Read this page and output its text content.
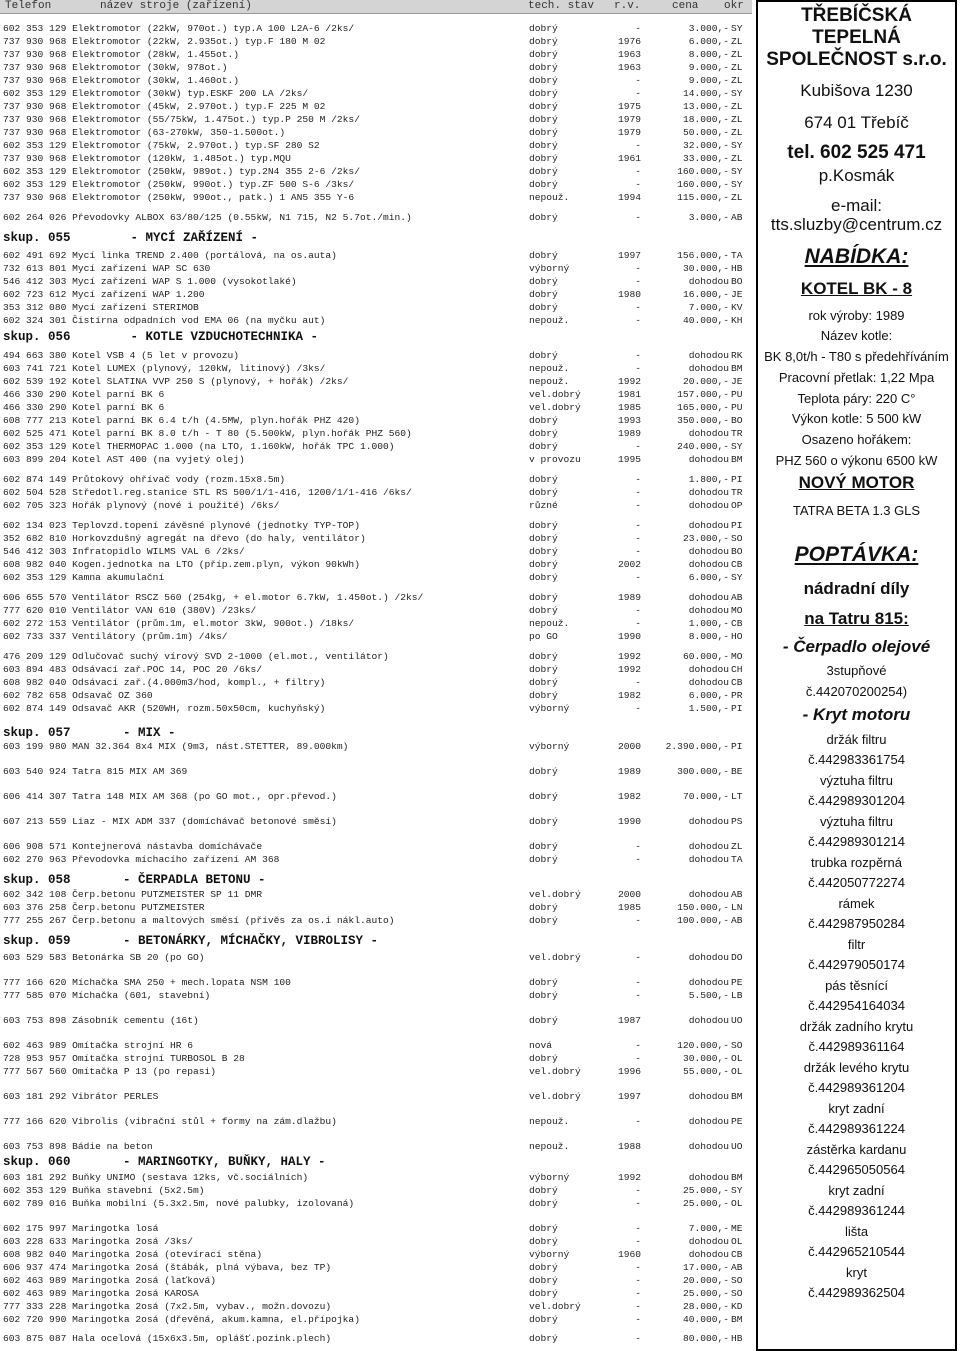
Telefon	název stroje (zařízení)	tech. stav r.v.	cena okr
602 353 129 Elektromotor (22kW, 970ot.) typ.A 100 L2A-6 /2ks/	dobrý	-	3.000,- SY
737 930 968 Elektromotor (22kW, 2.935ot.) typ.F 180 M 02	dobrý	1976	6.000,- ZL
737 930 968 Elektromotor (28kW, 1.455ot.)	dobrý	1963	8.000,- ZL
737 930 968 Elektromotor (30kW, 978ot.)	dobrý	1963	9.000,- ZL
737 930 968 Elektromotor (30kW, 1.460ot.)	dobrý	-	9.000,- ZL
602 353 129 Elektromotor (30kW) typ.ESKF 200 LA /2ks/	dobrý	-	14.000,- SY
737 930 968 Elektromotor (45kW, 2.970ot.) typ.F 225 M 02	dobrý	1975	13.000,- ZL
737 930 968 Elektromotor (55/75kW, 1.475ot.) typ.P 250 M /2ks/	dobrý	1979	18.000,- ZL
737 930 968 Elektromotor (63-270kW, 350-1.500ot.)	dobrý	1979	50.000,- ZL
602 353 129 Elektromotor (75kW, 2.970ot.) typ.SF 280 S2	dobrý	-	32.000,- SY
737 930 968 Elektromotor (120kW, 1.485ot.) typ.MQU	dobrý	1961	33.000,- ZL
602 353 129 Elektromotor (250kW, 989ot.) typ.2N4 355 2-6 /2ks/	dobrý	-	160.000,- SY
602 353 129 Elektromotor (250kW, 990ot.) typ.ZF 500 S-6 /3ks/	dobrý	-	160.000,- SY
737 930 968 Elektromotor (250kW, 990ot., patk.) 1 AN5 355 Y-6	nepouž.	1994	115.000,- ZL
602 264 026 Převodovky ALBOX 63/80/125 (0.55kW, N1 715, N2 5.7ot./min.)	dobrý	-	3.000,- AB
602 491 692 Mycí linka TREND 2.400 (portálová, na os.auta)	dobrý	1997	156.000,- TA
732 613 801 Mycí zařízení WAP SC 630	výborný	-	30.000,- HB
546 412 303 Mycí zařízení WAP S 1.000 (vysokotlaké)	dobrý	-	dohodou BO
602 723 612 Mycí zařízení WAP 1.200	dobrý	1980	16.000,- JE
353 312 080 Mycí zařízení STERIMOB	dobrý	-	7.000,- KV
602 324 301 Čistírna odpadních vod EMA 06 (na myčku aut)	nepouž.	-	40.000,- KH
494 663 380 Kotel VSB 4 (5 let v provozu)	dobrý	-	dohodou RK
603 741 721 Kotel LUMEX (plynový, 120kW, litinový) /3ks/	nepouž.	-	dohodou BM
602 539 192 Kotel SLATINA VVP 250 S (plynový, + hořák) /2ks/	nepouž.	1992	20.000,- JE
466 330 290 Kotel parní BK 6	vel.dobrý	1981	157.000,- PU
466 330 290 Kotel parní BK 6	vel.dobrý	1985	165.000,- PU
608 777 213 Kotel parní BK 6.4 t/h (4.5MW, plyn.hořák PHZ 420)	dobrý	1993	350.000,- BO
602 525 471 Kotel parní BK 8.0 t/h - T 80 (5.500kW, plyn.hořák PHZ 560)	dobrý	1989	dohodou TR
602 353 129 Kotel THERMOPAC 1.000 (na LTO, 1.160kW, hořák TPC 1.000)	dobrý	-	240.000,- SY
603 899 204 Kotel AST 400 (na vyjetý olej)	v provozu	1995	dohodou BM
602 874 149 Průtokový ohřívač vody (rozm.15x8.5m)	dobrý	-	1.800,- PI
602 504 528 Středotl.reg.stanice STL RS 500/1/1-416, 1200/1/1-416 /6ks/	dobrý	-	dohodou TR
602 705 323 Hořák plynový (nové i použité) /6ks/	různé	-	dohodou OP
602 134 023 Teplovzd.topení závěsné plynové (jednotky TYP-TOP)	dobrý	-	dohodou PI
352 682 810 Horkovzdušný agregát na dřevo (do haly, ventilátor)	dobrý	-	23.000,- SO
546 412 303 Infratopidlo WILMS VAL 6 /2ks/	dobrý	-	dohodou BO
608 982 040 Kogen.jednotka na LTO (příp.zem.plyn, výkon 90kWh)	dobrý	2002	dohodou CB
602 353 129 Kamna akumulační	dobrý	-	6.000,- SY
606 655 570 Ventilátor RSCZ 560 (254kg, + el.motor 6.7kW, 1.450ot.) /2ks/	dobrý	1989	dohodou AB
777 620 010 Ventilátor VAN 610 (380V) /23ks/	dobrý	-	dohodou MO
602 272 153 Ventilátor (prům.1m, el.motor 3kW, 900ot.) /18ks/	nepouž.	-	1.000,- CB
602 733 337 Ventilátory (prům.1m) /4ks/	po GO	1990	8.000,- HO
476 209 129 Odlučovač suchý vírový SVD 2-1000 (el.mot., ventilátor)	dobrý	1992	60.000,- MO
603 894 483 Odsávací zař.POC 14, POC 20 /6ks/	dobrý	1992	dohodou CH
608 982 040 Odsávací zař.(4.000m3/hod, kompl., + filtry)	dobrý	-	dohodou CB
602 782 658 Odsavač OZ 360	dobrý	1982	6.000,- PR
602 874 149 Odsavač AKR (520WH, rozm.50x50cm, kuchyňský)	výborný	-	1.500,- PI
603 199 980 MAN 32.364 8x4 MIX (9m3, nást.STETTER, 89.000km)	výborný	2000	2.390.000,- PI
603 540 924 Tatra 815 MIX AM 369	dobrý	1989	300.000,- BE
606 414 307 Tatra 148 MIX AM 368 (po GO mot., opr.převod.)	dobrý	1982	70.000,- LT
607 213 559 Liaz - MIX ADM 337 (domíchávač betonové směsi)	dobrý	1990	dohodou PS
606 908 571 Kontejnerová nástavba domíchávače	dobrý	-	dohodou ZL
602 270 963 Převodovka míchacího zařízení AM 368	dobrý	-	dohodou TA
602 342 108 Čerp.betonu PUTZMEISTER SP 11 DMR	vel.dobrý	2000	dohodou AB
603 376 258 Čerp.betonu PUTZMEISTER	dobrý	1985	150.000,- LN
777 255 267 Čerp.betonu a maltových směsí (přívěs za os.i nákl.auto)	dobrý	-	100.000,- AB
603 529 583 Betonárka SB 20 (po GO)	vel.dobrý	-	dohodou DO
777 166 620 Míchačka SMA 250 + mech.lopata NSM 100	dobrý	-	dohodou PE
777 585 070 Míchačka (601, stavební)	dobrý	-	5.500,- LB
603 753 898 Zásobník cementu (16t)	dobrý	1987	dohodou UO
602 463 989 Omítačka strojní HR 6	nová	-	120.000,- SO
728 953 957 Omítačka strojní TURBOSOL B 28	dobrý	-	30.000,- OL
777 567 560 Omítačka P 13 (po repasi)	vel.dobrý	1996	55.000,- OL
603 181 292 Vibrátor PERLES	vel.dobrý	1997	dohodou BM
777 166 620 Vibrolis (vibrační stůl + formy na zám.dlažbu)	nepouž.	-	dohodou PE
603 753 898 Bádie na beton	nepouž.	1988	dohodou UO
603 181 292 Buňky UNIMO (sestava 12ks, vč.sociálních)	výborný	1992	dohodou BM
602 353 129 Buňka stavební (5x2.5m)	dobrý	-	25.000,- SY
602 789 016 Buňka mobilní (5.3x2.5m, nové palubky, izolovaná)	dobrý	-	25.000,- OL
602 175 997 Maringotka losá	dobrý	-	7.000,- ME
603 228 633 Maringotka 2osá /3ks/	dobrý	-	dohodou OL
608 982 040 Maringotka 2osá (otevírací stěna)	výborný	1960	dohodou CB
606 937 474 Maringotka 2osá (štábák, plná výbava, bez TP)	dobrý	-	17.000,- AB
602 463 989 Maringotka 2osá (laťková)	dobrý	-	20.000,- SO
602 463 989 Maringotka 2osá KAROSA	dobrý	-	25.000,- SO
777 333 228 Maringotka 2osá (7x2.5m, vybav., možn.dovozu)	vel.dobrý	-	28.000,- KD
602 720 990 Maringotka 2osá (dřevěná, akum.kamna, el.přípojka)	dobrý	-	40.000,- BM
603 875 087 Hala ocelová (15x6x3.5m, oplášť.pozink.plech)	dobrý	-	80.000,- HB
TŘEBÍČSKÁ
TEPELNÁ
SPOLEČNOST s.r.o.
Kubišova 1230
674 01 Třebíč
tel. 602 525 471
p.Kosmák
e-mail:
tts.sluzby@centrum.cz
NABÍDKA:
KOTEL BK - 8
rok výroby: 1989
Název kotle:
BK 8,0t/h - T80 s předehříváním
Pracovní přetlak: 1,22 Mpa
Teplota páry: 220 C°
Výkon kotle: 5 500 kW
Osazeno hořákem:
PHZ 560 o výkonu 6500 kW
NOVÝ MOTOR
TATRA BETA 1.3 GLS
POPTÁVKA:
nádradní díly
na Tatru 815:
- Čerpadlo olejové
3stupňové
č.442070200254)
- Kryt motoru
držák filtru
č.442983361754
výztuha filtru
č.442989301204
výztuha filtru
č.442989301214
trubka rozpěrná
č.442050772274
rámek
č.442987950284
filtr
č.442979050174
pás těsnící
č.442954164034
držák zadního krytu
č.442989361164
držák levého krytu
č.442989361204
kryt zadní
č.442989361224
zástěrka kardanu
č.442965050564
kryt zadní
č.442989361244
lišta
č.442965210544
kryt
č.442989362504
skup. 055        - MYCÍ ZAŘÍZENÍ -
skup. 056        - KOTLE VZDUCHOTECHNIKA -
skup. 057       - MIX -
skup. 058       - ČERPADLA BETONU -
skup. 059       - BETONÁRKY, MÍCHAČKY, VIBROLISY -
skup. 060       - MARINGOTKY, BUŇKY, HALY -
